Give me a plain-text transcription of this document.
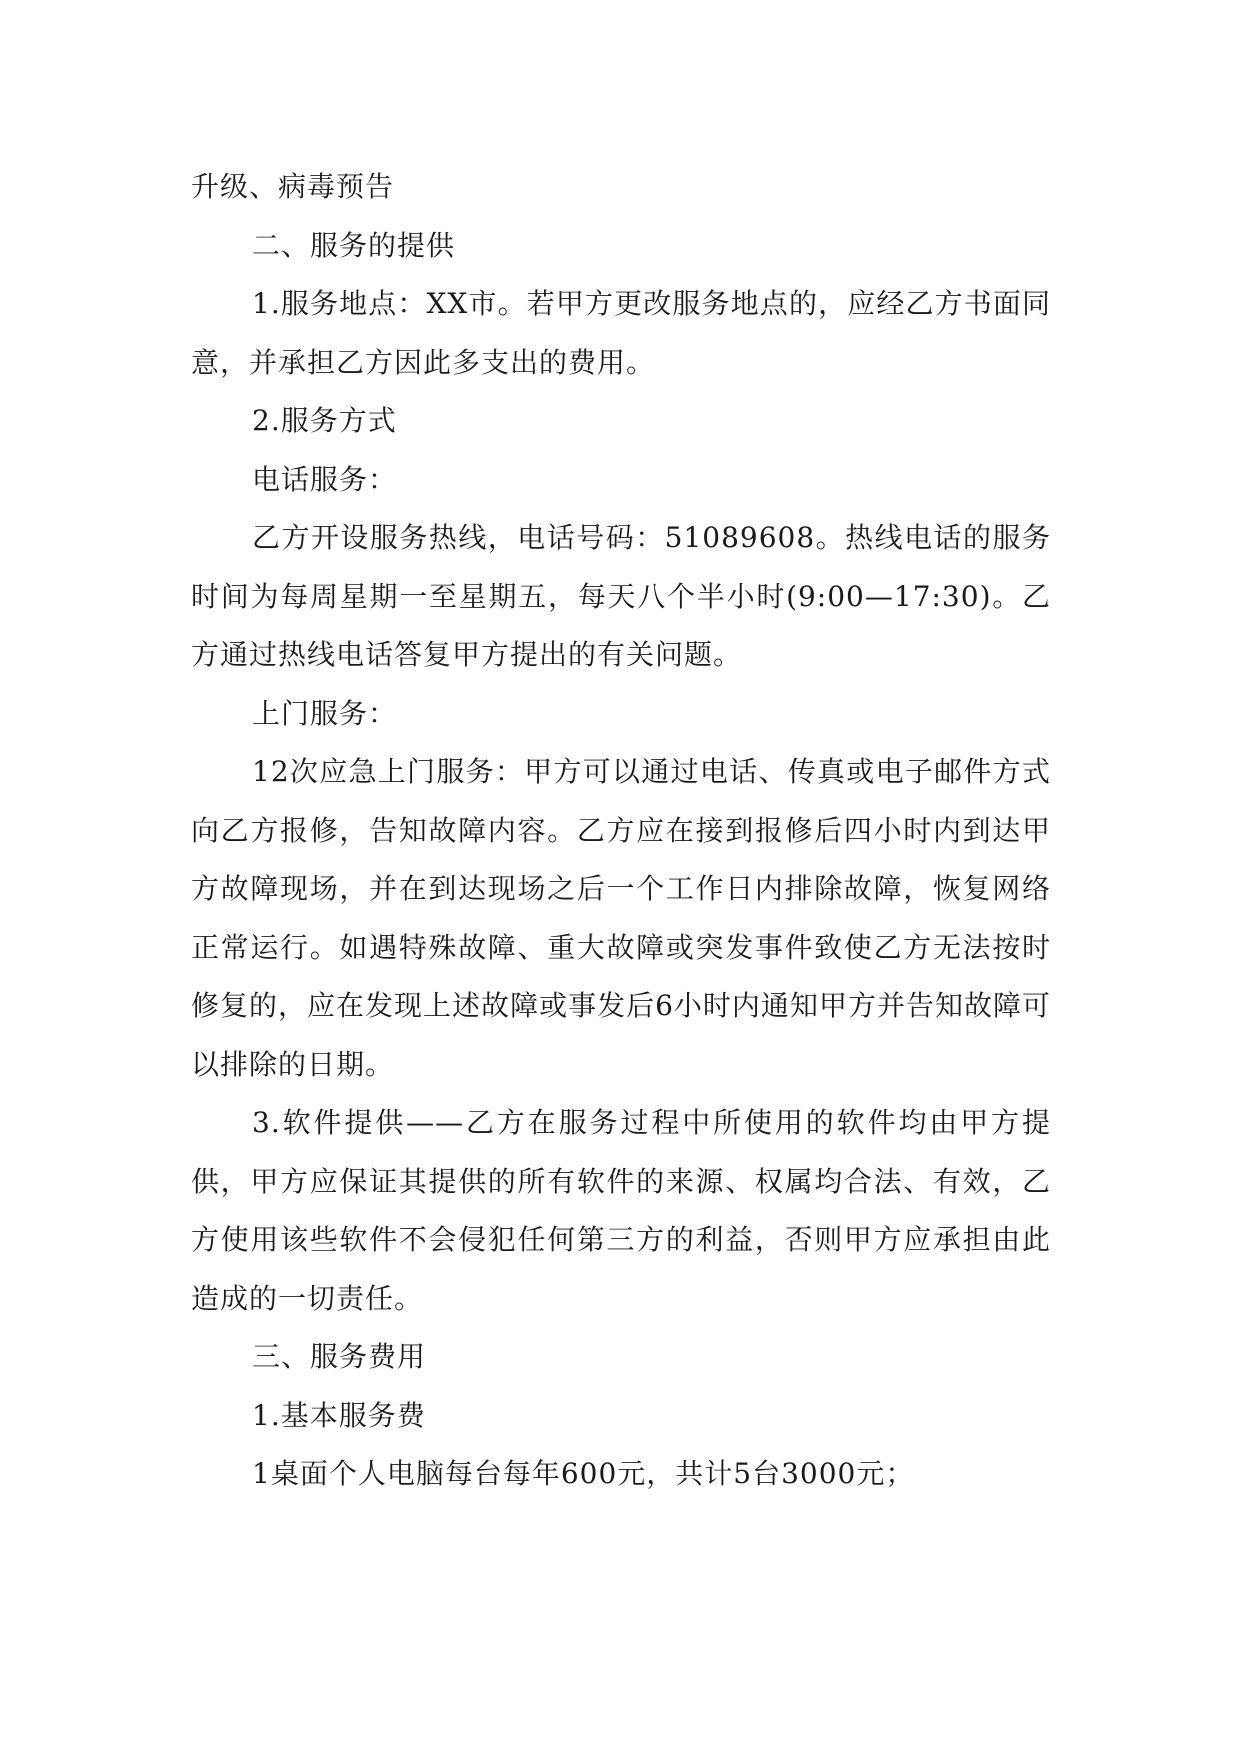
升级、病毒预告

二、服务的提供

1.服务地点：XX市。若甲方更改服务地点的，应经乙方书面同意，并承担乙方因此多支出的费用。

2.服务方式

电话服务：

乙方开设服务热线，电话号码：51089608。热线电话的服务时间为每周星期一至星期五，每天八个半小时(9:00—17:30)。乙方通过热线电话答复甲方提出的有关问题。

上门服务：

12次应急上门服务：甲方可以通过电话、传真或电子邮件方式向乙方报修，告知故障内容。乙方应在接到报修后四小时内到达甲方故障现场，并在到达现场之后一个工作日内排除故障，恢复网络正常运行。如遇特殊故障、重大故障或突发事件致使乙方无法按时修复的，应在发现上述故障或事发后6小时内通知甲方并告知故障可以排除的日期。

3.软件提供——乙方在服务过程中所使用的软件均由甲方提供，甲方应保证其提供的所有软件的来源、权属均合法、有效，乙方使用该些软件不会侵犯任何第三方的利益，否则甲方应承担由此造成的一切责任。

三、服务费用

1.基本服务费

1桌面个人电脑每台每年600元，共计5台3000元；
